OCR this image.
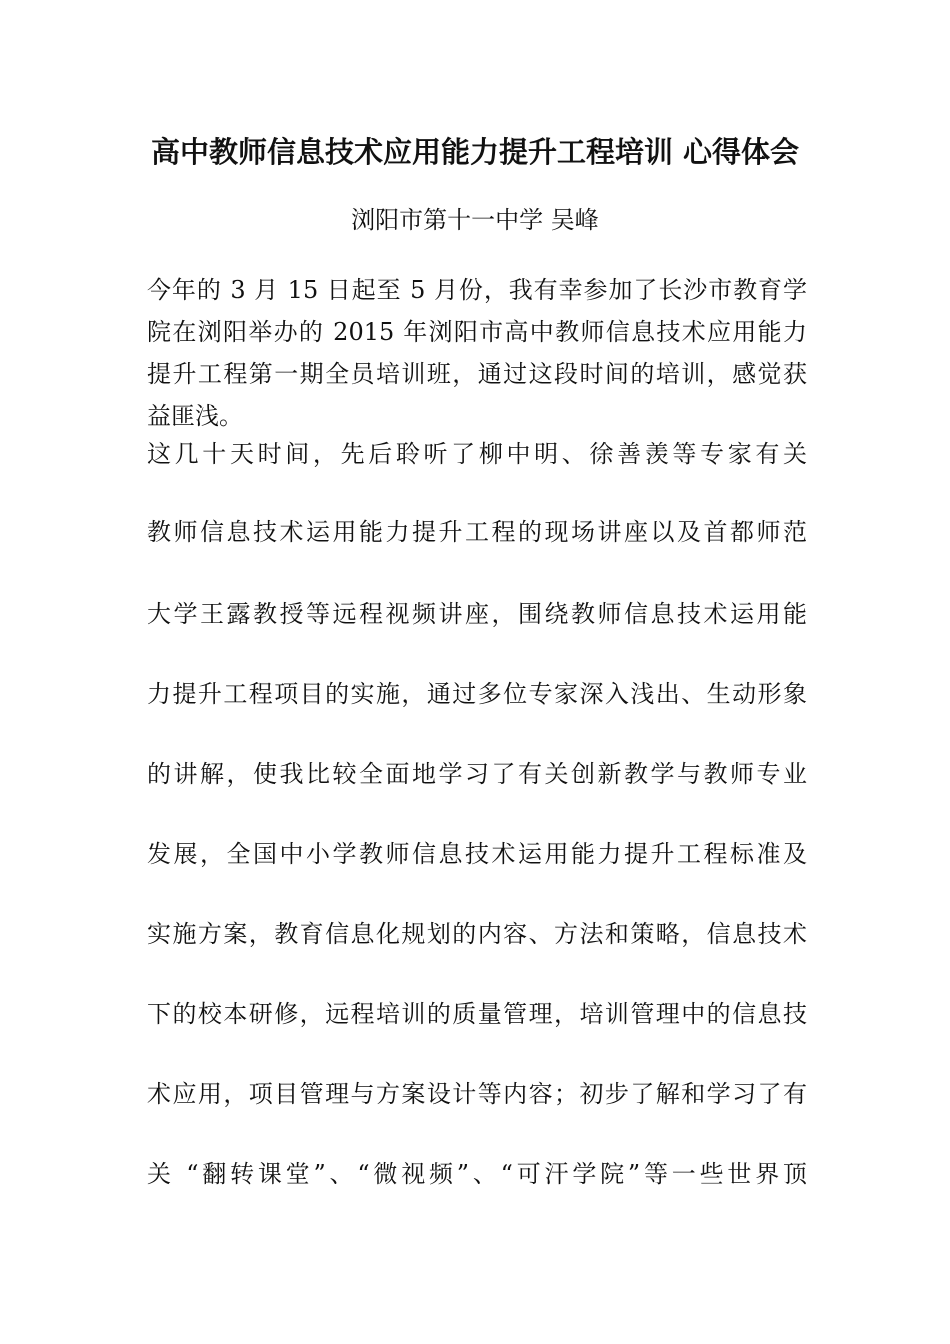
高中教师信息技术应用能力提升工程培训 心得体会
浏阳市第十一中学 吴峰
今年的 3 月 15 日起至 5 月份，我有幸参加了长沙市教育学
院在浏阳举办的 2015 年浏阳市高中教师信息技术应用能力
提升工程第一期全员培训班，通过这段时间的培训，感觉获
益匪浅。
这几十天时间，先后聆听了柳中明、徐善羡等专家有关
教师信息技术运用能力提升工程的现场讲座以及首都师范
大学王露教授等远程视频讲座，围绕教师信息技术运用能
力提升工程项目的实施，通过多位专家深入浅出、生动形象
的讲解，使我比较全面地学习了有关创新教学与教师专业
发展，全国中小学教师信息技术运用能力提升工程标准及
实施方案，教育信息化规划的内容、方法和策略，信息技术
下的校本研修，远程培训的质量管理，培训管理中的信息技
术应用，项目管理与方案设计等内容；初步了解和学习了有
关 “翻转课堂”、“微视频”、“可汗学院”等一些世界顶
